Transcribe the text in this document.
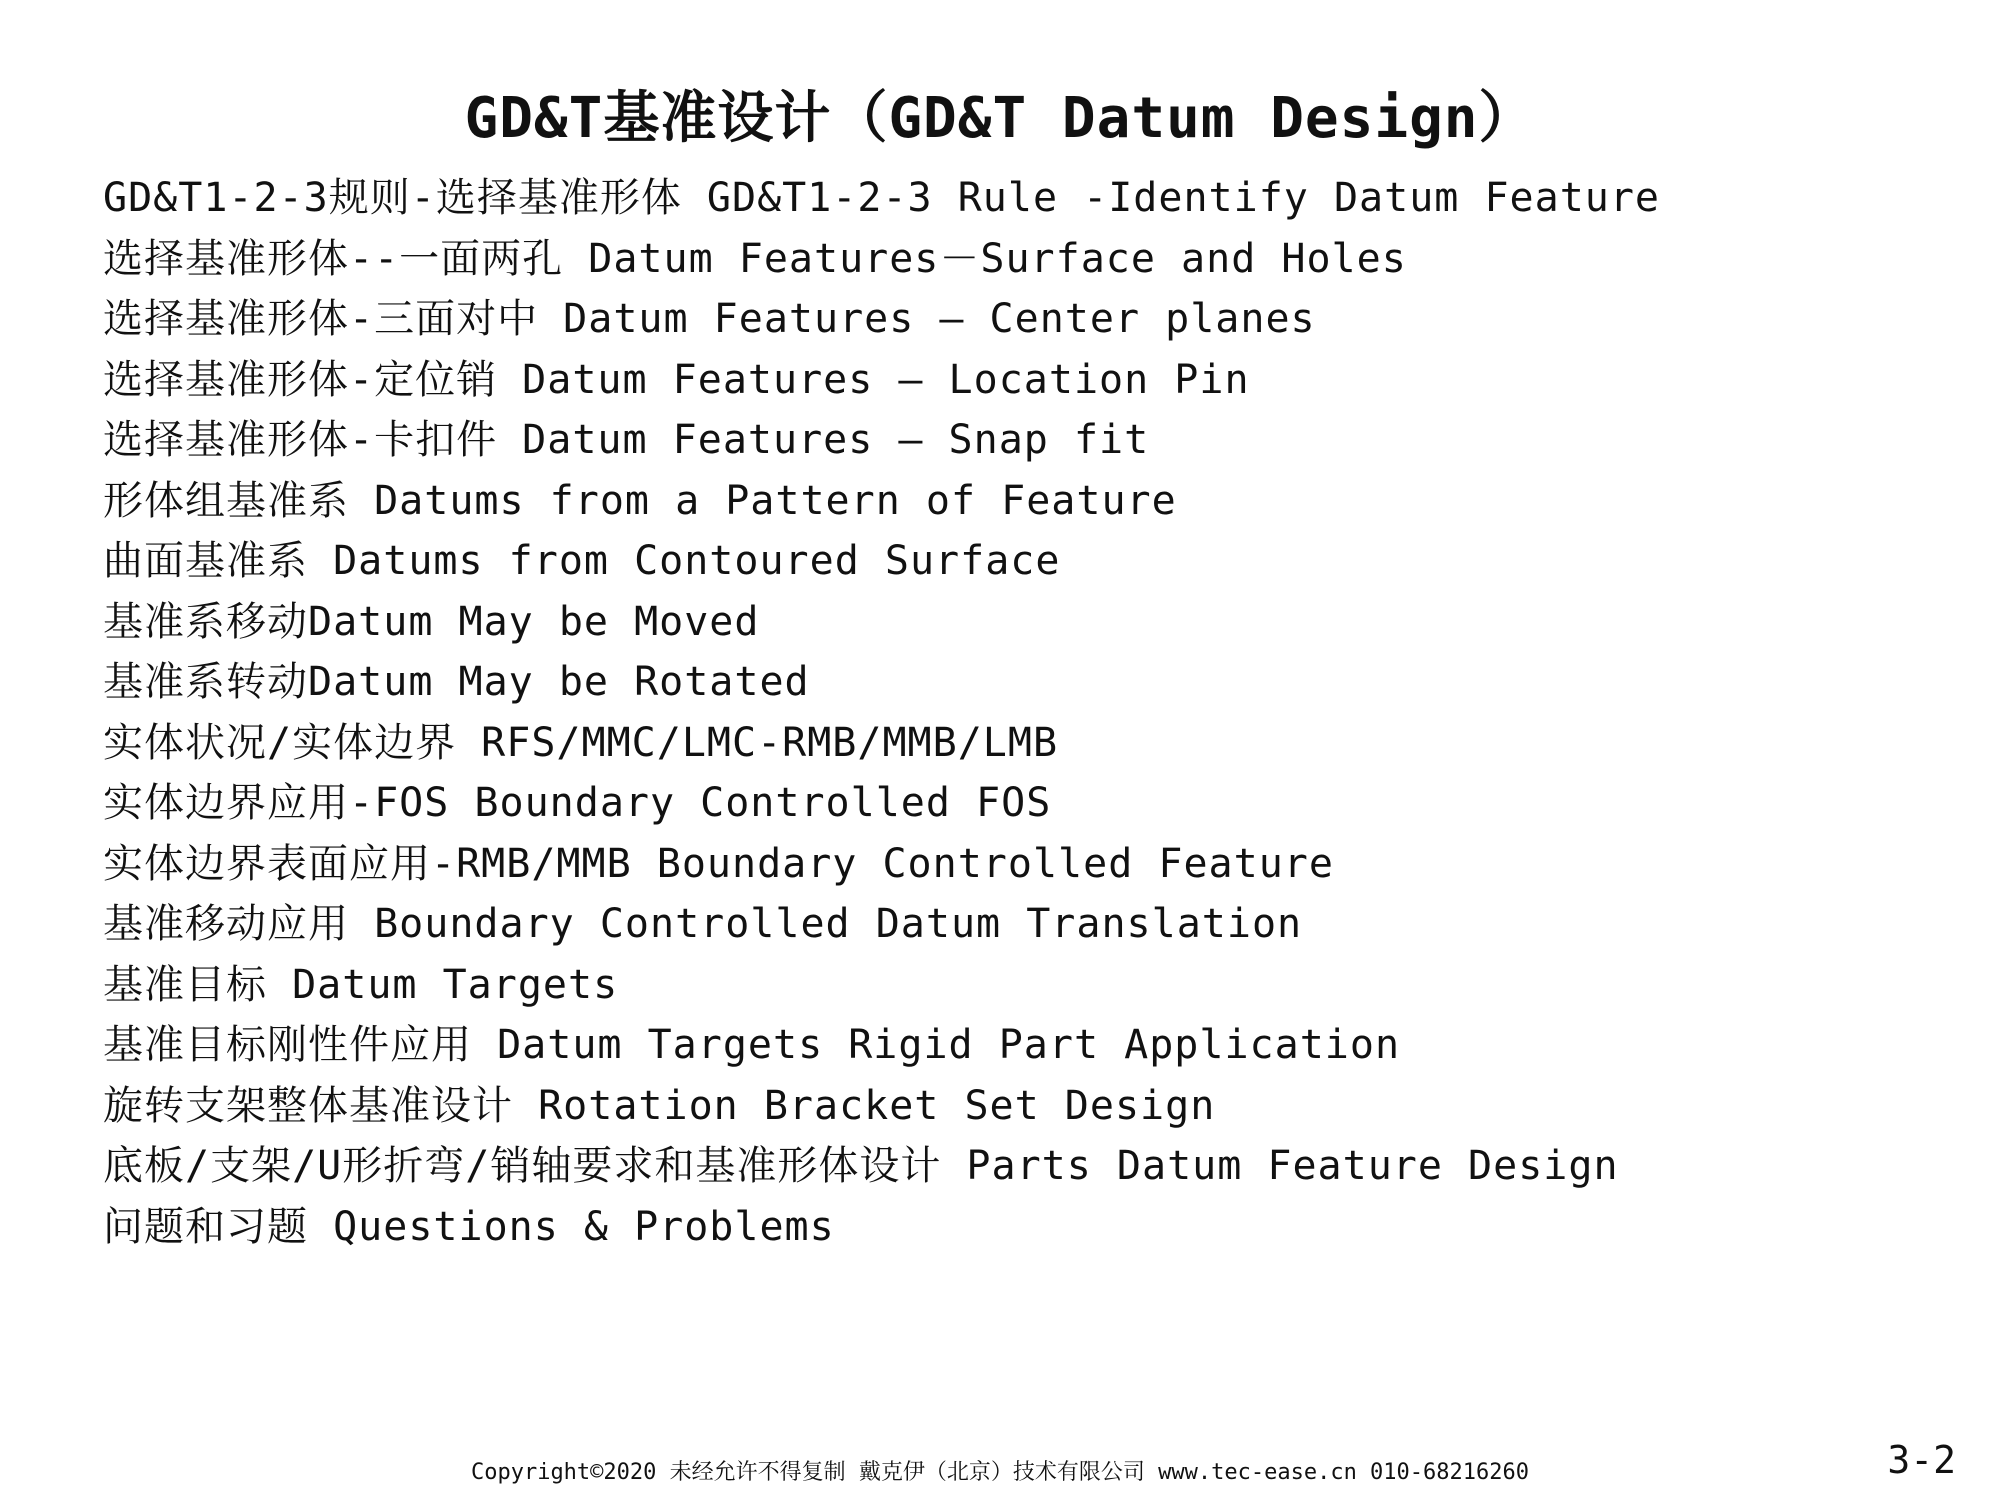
GD&T基准设计（GD&T Datum Design）
GD&T1-2-3规则-选择基准形体 GD&T1-2-3 Rule -Identify Datum Feature
选择基准形体--一面两孔 Datum Features－Surface and Holes
选择基准形体-三面对中 Datum Features – Center planes
选择基准形体-定位销 Datum Features – Location Pin
选择基准形体-卡扣件 Datum Features – Snap fit
形体组基准系 Datums from a Pattern of Feature
曲面基准系 Datums from Contoured Surface
基准系移动Datum May be Moved
基准系转动Datum May be Rotated
实体状况/实体边界 RFS/MMC/LMC-RMB/MMB/LMB
实体边界应用-FOS Boundary Controlled FOS
实体边界表面应用-RMB/MMB Boundary Controlled Feature
基准移动应用 Boundary Controlled Datum Translation
基准目标 Datum Targets
基准目标刚性件应用 Datum Targets Rigid Part Application
旋转支架整体基准设计 Rotation Bracket Set Design
底板/支架/U形折弯/销轴要求和基准形体设计 Parts Datum Feature Design
问题和习题 Questions & Problems
Copyright©2020 未经允许不得复制 戴克伊（北京）技术有限公司 www.tec-ease.cn 010-68216260	3-2
